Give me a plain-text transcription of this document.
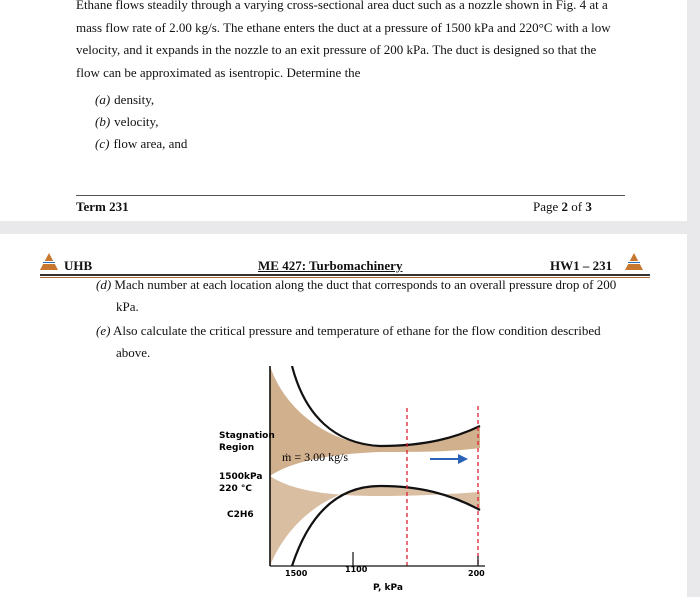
Ethane flows steadily through a varying cross-sectional area duct such as a nozzle shown in Fig. 4 at a
mass flow rate of 2.00 kg/s. The ethane enters the duct at a pressure of 1500 kPa and 220°C with a low
velocity, and it expands in the nozzle to an exit pressure of 200 kPa. The duct is designed so that the
flow can be approximated as isentropic. Determine the
(a) density,
(b) velocity,
(c) flow area, and
Term 231	Page 2 of 3
UHB	ME 427: Turbomachinery	HW1 – 231
(d) Mach number at each location along the duct that corresponds to an overall pressure drop of 200
kPa.
(e) Also calculate the critical pressure and temperature of ethane for the flow condition described
above.
Stagnation
Region
1500kPa
220 °C
C2H6
ṁ = 3.00 kg/s
1500	1100	200
P, kPa
